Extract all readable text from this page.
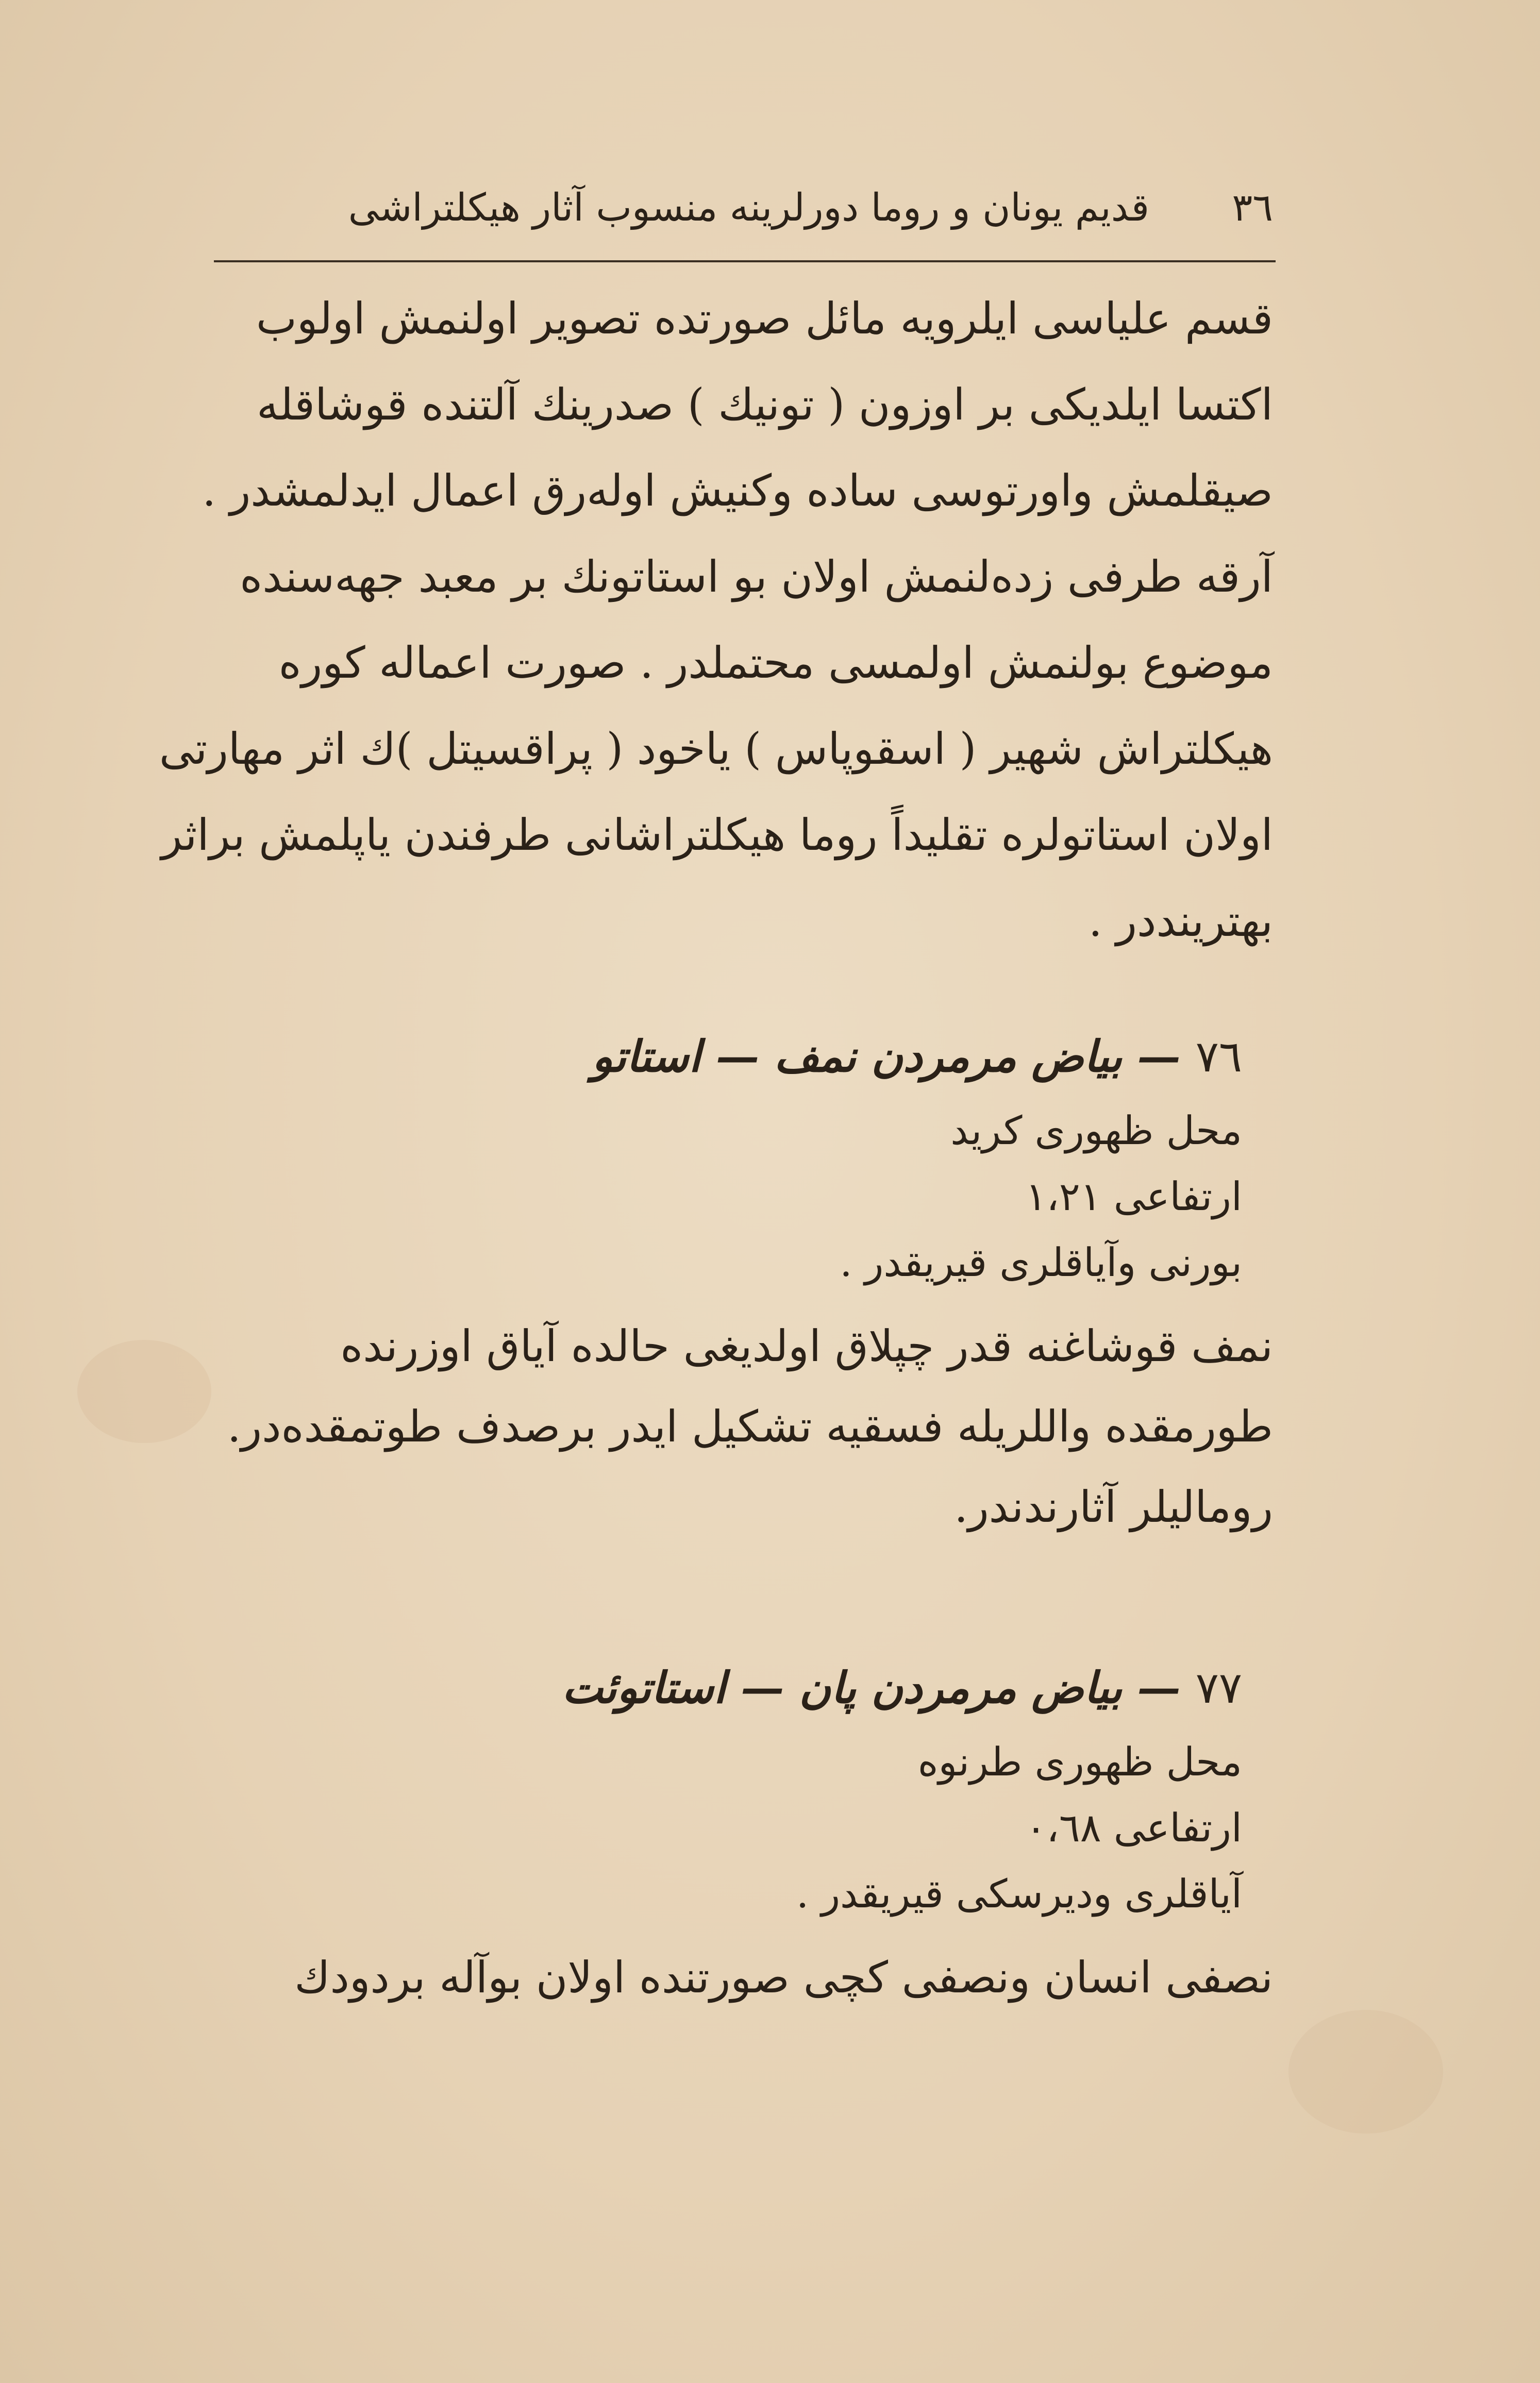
٣٦
قدیم یونان و روما دورلرینه منسوب آثار هیکلتراشی
قسم علیاسی ایلرویه مائل صورتده تصویر اولنمش اولوب
اکتسا ایلدیکی بر اوزون ( تونیك ) صدرینك آلتنده قوشاقله
صیقلمش واورتوسی ساده وکنیش اوله‌رق اعمال ایدلمشدر .
آرقه طرفی زده‌لنمش اولان بو استاتونك بر معبد جهه‌سنده
موضوع بولنمش اولمسی محتملدر . صورت اعماله کوره
هیکلتراش شهیر ( اسقوپاس ) یاخود ( پراقسیتل )ك اثر مهارتی
اولان استاتولره تقلیداً روما هیکلتراشانی طرفندن یاپلمش براثر
بهترینددر .
٧٦ — بیاض مرمردن نمف — استاتو
محل ظهوری کرید
ارتفاعی ١،٢١
بورنی وآیاقلری قیریقدر .
نمف قوشاغنه قدر چپلاق اولدیغی حالده آیاق اوزرنده
طورمقده واللریله فسقیه تشکیل ایدر برصدف طوتمقده‌در.
رومالیلر آثارندندر.
٧٧ — بیاض مرمردن پان — استاتوئت
محل ظهوری طرنوه
ارتفاعی ٠،٦٨
آیاقلری ودیرسکی قیریقدر .
نصفی انسان ونصفی کچی صورتنده اولان بوآله بردودك
